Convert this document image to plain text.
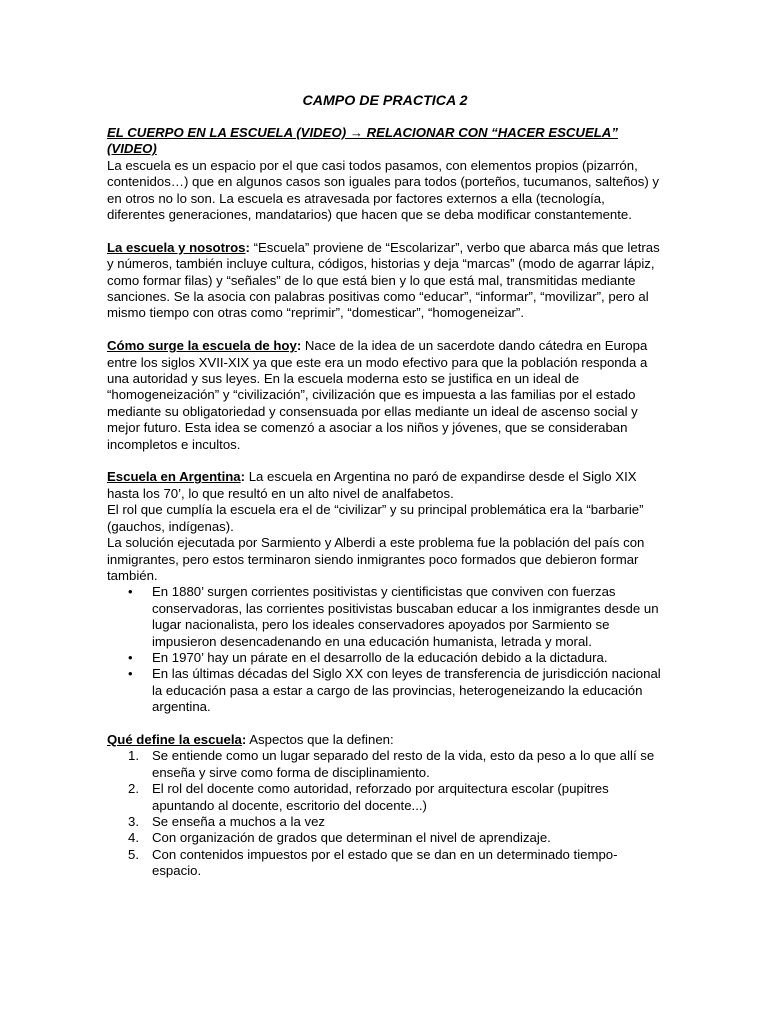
CAMPO DE PRACTICA 2

EL CUERPO EN LA ESCUELA (VIDEO) → RELACIONAR CON “HACER ESCUELA” (VIDEO)

La escuela es un espacio por el que casi todos pasamos, con elementos propios (pizarrón, contenidos…) que en algunos casos son iguales para todos (porteños, tucumanos, salteños) y en otros no lo son. La escuela es atravesada por factores externos a ella (tecnología, diferentes generaciones, mandatarios) que hacen que se deba modificar constantemente.

La escuela y nosotros: “Escuela” proviene de “Escolarizar”, verbo que abarca más que letras y números, también incluye cultura, códigos, historias y deja “marcas” (modo de agarrar lápiz, como formar filas) y “señales” de lo que está bien y lo que está mal, transmitidas mediante sanciones. Se la asocia con palabras positivas como “educar”, “informar”, “movilizar”, pero al mismo tiempo con otras como “reprimir”, “domesticar”, “homogeneizar”.

Cómo surge la escuela de hoy: Nace de la idea de un sacerdote dando cátedra en Europa entre los siglos XVII-XIX ya que este era un modo efectivo para que la población responda a una autoridad y sus leyes. En la escuela moderna esto se justifica en un ideal de “homogeneización” y “civilización”, civilización que es impuesta a las familias por el estado mediante su obligatoriedad y consensuada por ellas mediante un ideal de ascenso social y mejor futuro. Esta idea se comenzó a asociar a los niños y jóvenes, que se consideraban incompletos e incultos.

Escuela en Argentina: La escuela en Argentina no paró de expandirse desde el Siglo XIX hasta los 70’, lo que resultó en un alto nivel de analfabetos.

El rol que cumplía la escuela era el de “civilizar” y su principal problemática era la “barbarie” (gauchos, indígenas).

La solución ejecutada por Sarmiento y Alberdi a este problema fue la población del país con inmigrantes, pero estos terminaron siendo inmigrantes poco formados que debieron formar también.

• En 1880’ surgen corrientes positivistas y cientificistas que conviven con fuerzas conservadoras, las corrientes positivistas buscaban educar a los inmigrantes desde un lugar nacionalista, pero los ideales conservadores apoyados por Sarmiento se impusieron desencadenando en una educación humanista, letrada y moral.
• En 1970’ hay un párate en el desarrollo de la educación debido a la dictadura.
• En las últimas décadas del Siglo XX con leyes de transferencia de jurisdicción nacional la educación pasa a estar a cargo de las provincias, heterogeneizando la educación argentina.

Qué define la escuela: Aspectos que la definen:

1. Se entiende como un lugar separado del resto de la vida, esto da peso a lo que allí se enseña y sirve como forma de disciplinamiento.
2. El rol del docente como autoridad, reforzado por arquitectura escolar (pupitres apuntando al docente, escritorio del docente...)
3. Se enseña a muchos a la vez
4. Con organización de grados que determinan el nivel de aprendizaje.
5. Con contenidos impuestos por el estado que se dan en un determinado tiempo-espacio.
